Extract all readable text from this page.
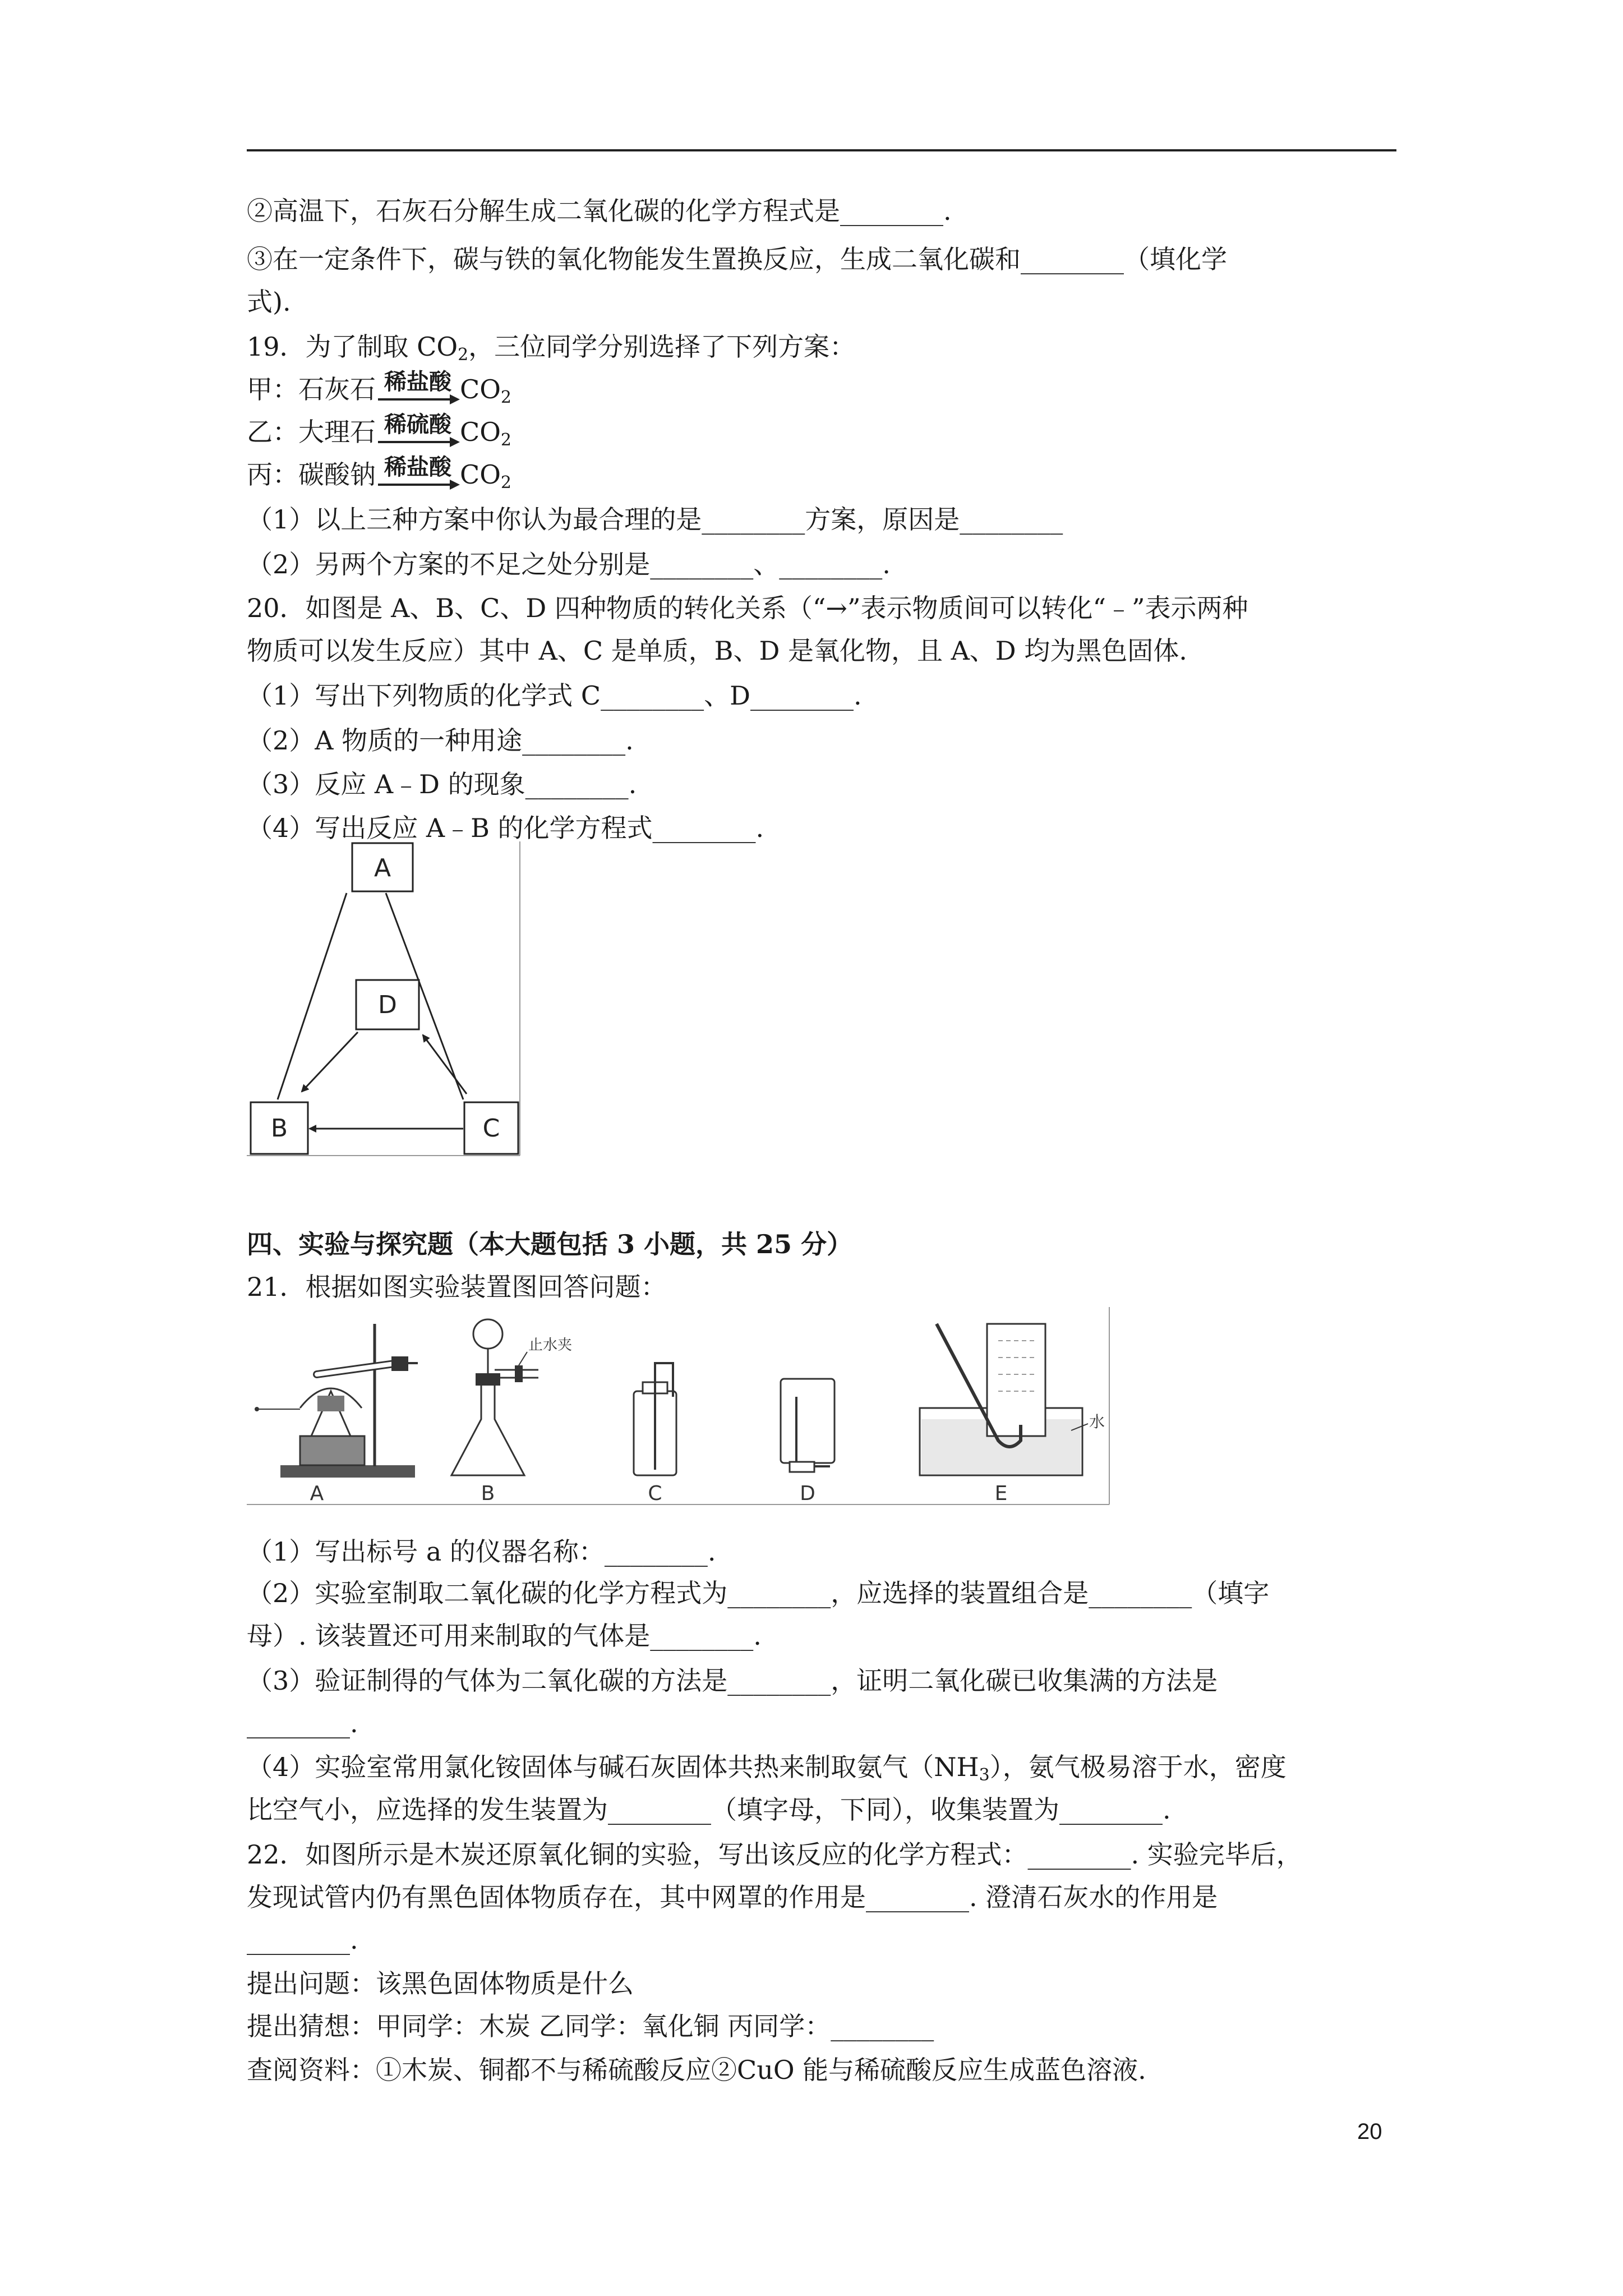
②高温下，石灰石分解生成二氧化碳的化学方程式是________.
③在一定条件下，碳与铁的氧化物能发生置换反应，生成二氧化碳和________（填化学
式).
19．为了制取 $CO_2$，三位同学分别选择了下列方案：
甲：石灰石 稀盐酸 $CO_2$
乙：大理石 稀硫酸 $CO_2$
丙：碳酸钠 稀盐酸 $CO_2$
（1）以上三种方案中你认为最合理的是________方案，原因是________
（2）另两个方案的不足之处分别是________、________.
20．如图是 A、B、C、D 四种物质的转化关系（“→”表示物质间可以转化“﹣”表示两种
物质可以发生反应）其中 A、C 是单质，B、D 是氧化物，且 A、D 均为黑色固体.
（1）写出下列物质的化学式 C________、D________.
（2）A 物质的一种用途________.
（3）反应 A﹣D 的现象________.
（4）写出反应 A﹣B 的化学方程式________.
A
D
B	C
四、实验与探究题（本大题包括 3 小题，共 25 分）
21．根据如图实验装置图回答问题：
止水夹
水
A	B	C	D	E
（1）写出标号 a 的仪器名称：________.
（2）实验室制取二氧化碳的化学方程式为________，应选择的装置组合是________（填字
母）. 该装置还可用来制取的气体是________.
（3）验证制得的气体为二氧化碳的方法是________，证明二氧化碳已收集满的方法是
________.
（4）实验室常用氯化铵固体与碱石灰固体共热来制取氨气$(NH_3)$，氨气极易溶于水，密度
比空气小，应选择的发生装置为________（填字母，下同），收集装置为________.
22．如图所示是木炭还原氧化铜的实验，写出该反应的化学方程式：________. 实验完毕后，
发现试管内仍有黑色固体物质存在，其中网罩的作用是________. 澄清石灰水的作用是
________.
提出问题：该黑色固体物质是什么
提出猜想：甲同学：木炭 乙同学：氧化铜 丙同学：________
查阅资料：①木炭、铜都不与稀硫酸反应②CuO 能与稀硫酸反应生成蓝色溶液.
20
